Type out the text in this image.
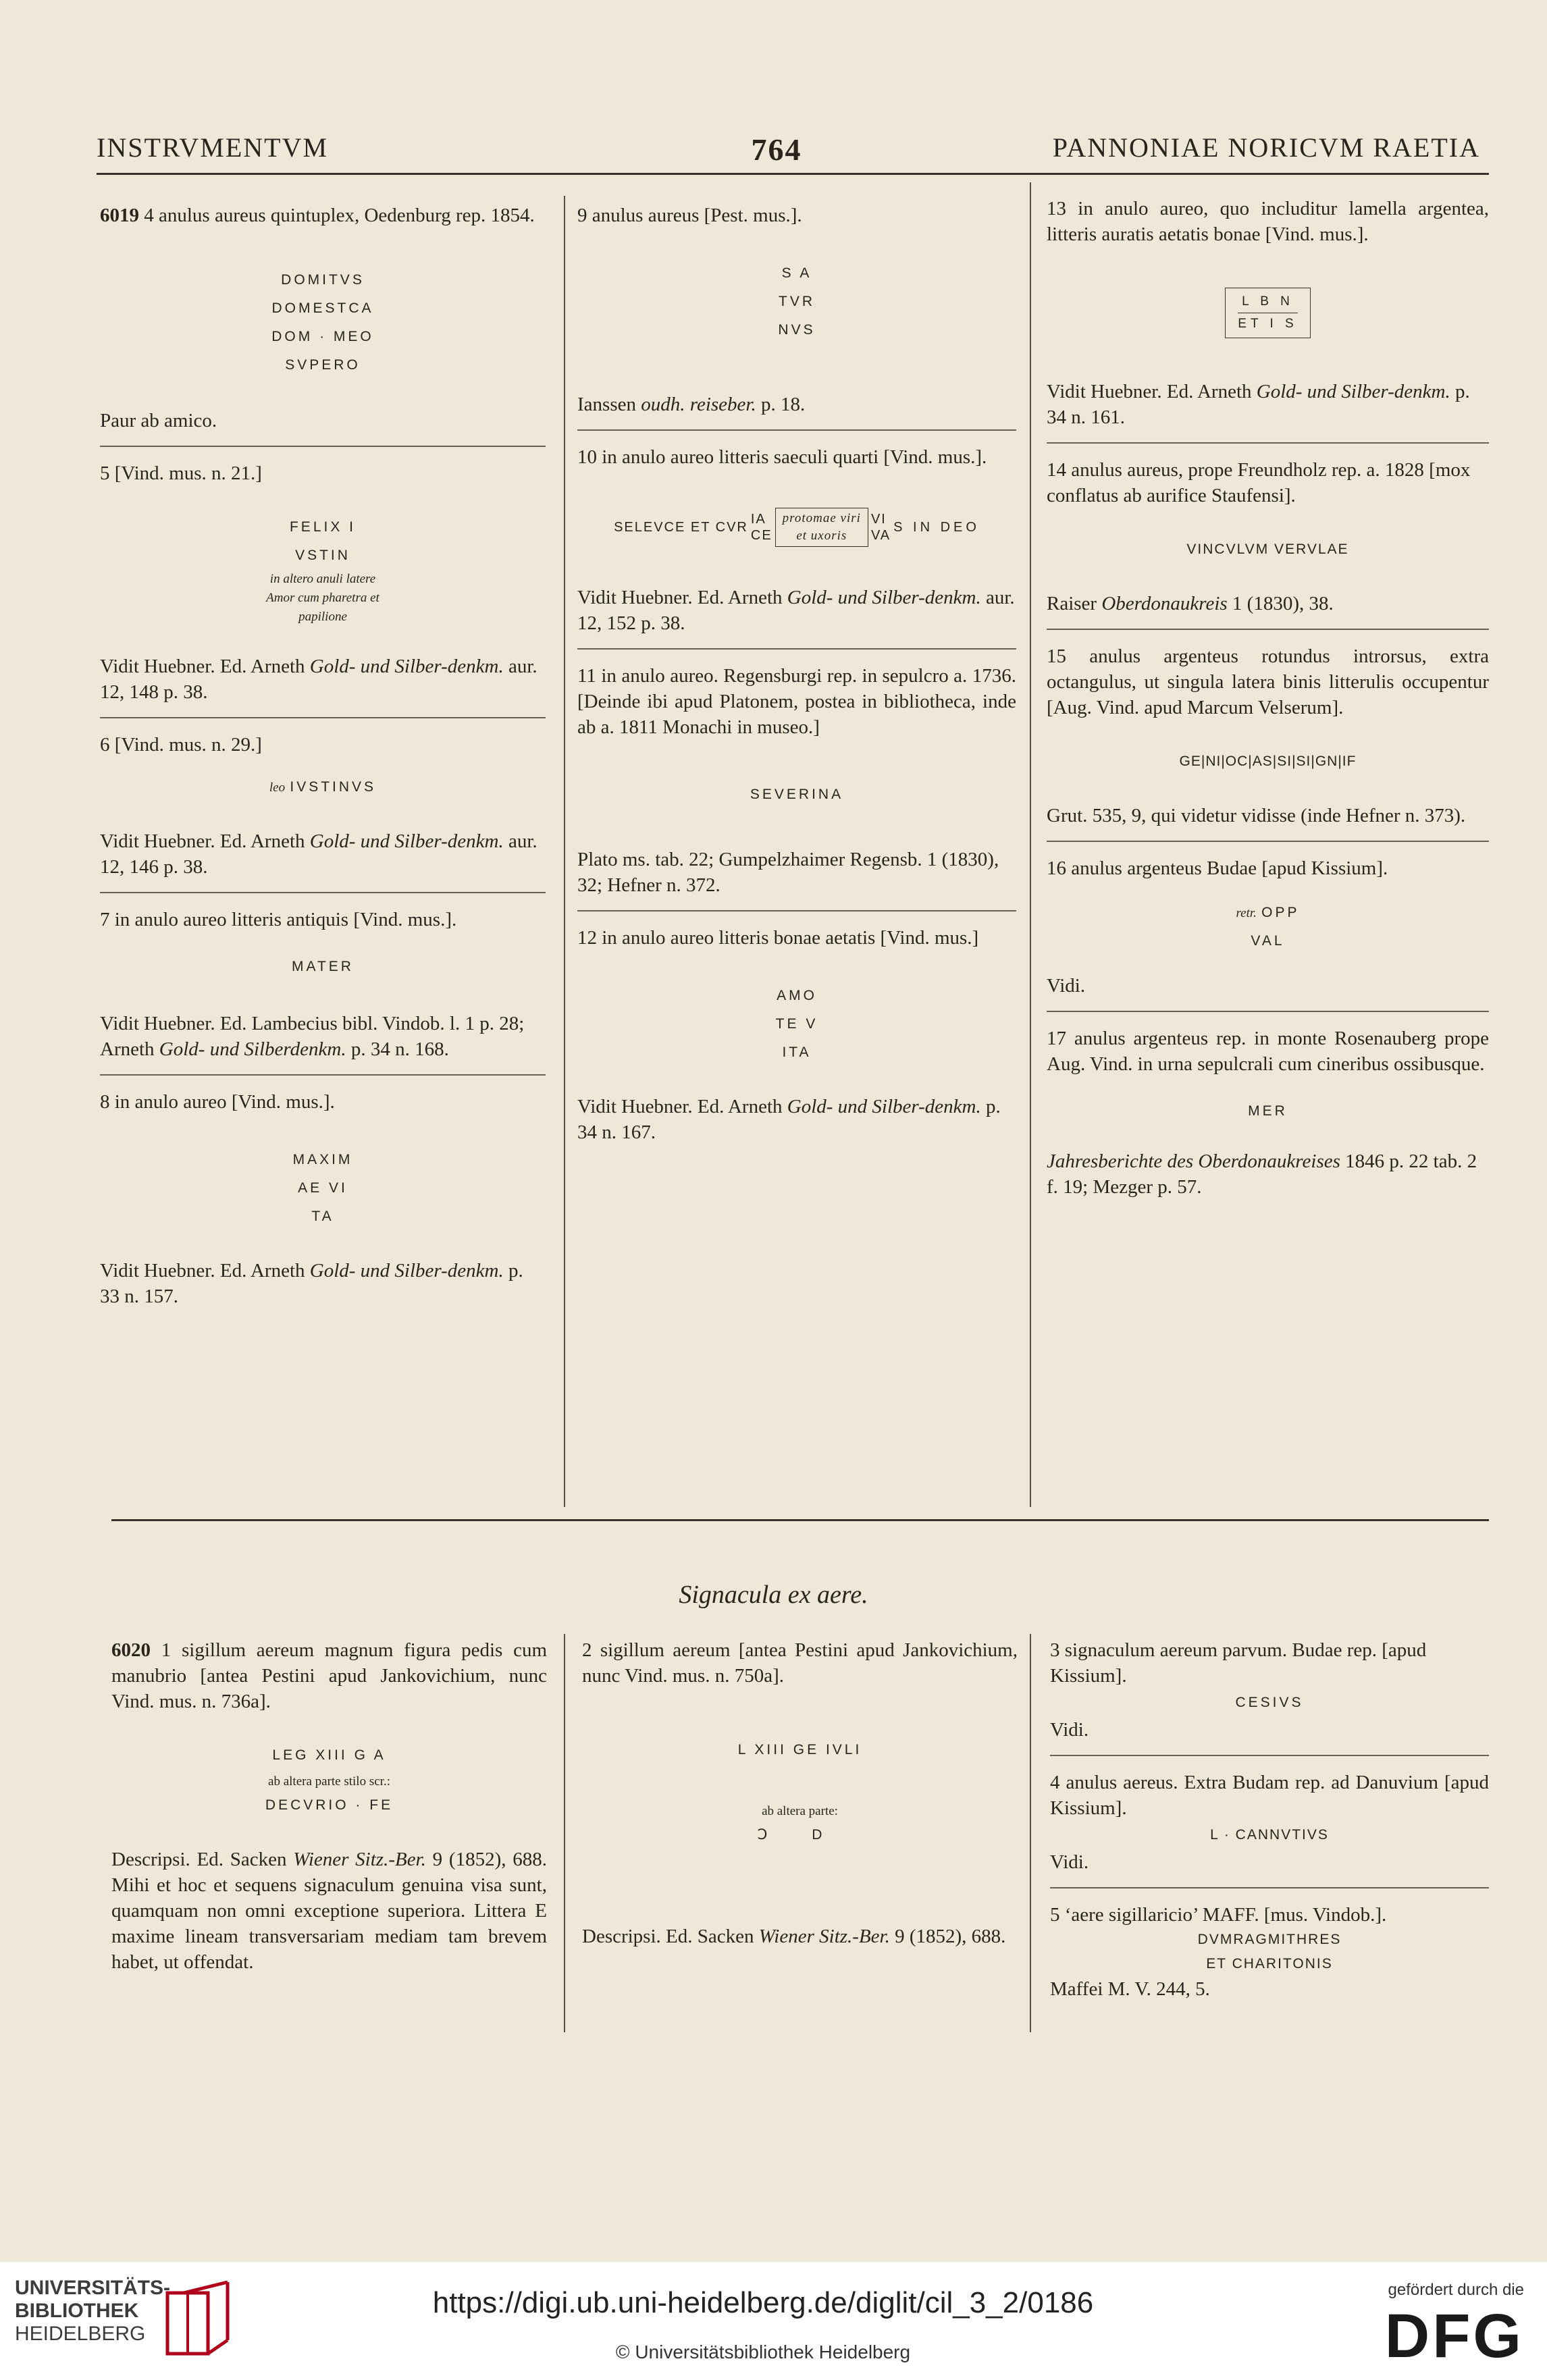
INSTRVMENTVM	764	PANNONIAE NORICVM RAETIA

6019 4 anulus aureus quintuplex, Oedenburg rep. 1854.

DOMITVS
DOMESTCA
DOM · MEO
SVPERO

Paur ab amico.

5 [Vind. mus. n. 21.]

FELIX I
VSTIN
in altero anuli latere
Amor cum pharetra et
papilione

Vidit Huebner. Ed. Arneth Gold- und Silber-denkm. aur. 12, 148 p. 38.

6 [Vind. mus. n. 29.]

leo IVSTINVS

Vidit Huebner. Ed. Arneth Gold- und Silber-denkm. aur. 12, 146 p. 38.

7 in anulo aureo litteris antiquis [Vind. mus.].

MATER

Vidit Huebner. Ed. Lambecius bibl. Vindob. l. 1 p. 28; Arneth Gold- und Silberdenkm. p. 34 n. 168.

8 in anulo aureo [Vind. mus.].

MAXIM
AE VI
TA

Vidit Huebner. Ed. Arneth Gold- und Silber-denkm. p. 33 n. 157.

9 anulus aureus [Pest. mus.].

S A
TVR
NVS

Ianssen oudh. reiseber. p. 18.

10 in anulo aureo litteris saeculi quarti [Vind. mus.].

SELEVCE ET CVR
IA
CE
protomae viri
et uxoris
VI
VA
S IN DEO

Vidit Huebner. Ed. Arneth Gold- und Silber-denkm. aur. 12, 152 p. 38.

11 in anulo aureo. Regensburgi rep. in sepulcro a. 1736. [Deinde ibi apud Platonem, postea in bibliotheca, inde ab a. 1811 Monachi in museo.]

SEVERINA

Plato ms. tab. 22; Gumpelzhaimer Regensb. 1 (1830), 32; Hefner n. 372.

12 in anulo aureo litteris bonae aetatis [Vind. mus.]

AMO
TE V
ITA

Vidit Huebner. Ed. Arneth Gold- und Silber-denkm. p. 34 n. 167.

13 in anulo aureo, quo includitur lamella argentea, litteris auratis aetatis bonae [Vind. mus.].

$\frac{\text{L B N}}{\text{ET I S}}$

Vidit Huebner. Ed. Arneth Gold- und Silber-denkm. p. 34 n. 161.

14 anulus aureus, prope Freundholz rep. a. 1828 [mox conflatus ab aurifice Staufensi].

VINCVLVM VERVLAE

Raiser Oberdonaukreis 1 (1830), 38.

15 anulus argenteus rotundus introrsus, extra octangulus, ut singula latera binis litterulis occupentur [Aug. Vind. apud Marcum Velserum].

GE|NI|OC|AS|SI|SI|GN|IF

Grut. 535, 9, qui videtur vidisse (inde Hefner n. 373).

16 anulus argenteus Budae [apud Kissium].

retr. OPP
VAL

Vidi.

17 anulus argenteus rep. in monte Rosenauberg prope Aug. Vind. in urna sepulcrali cum cineribus ossibusque.

MER

Jahresberichte des Oberdonaukreises 1846 p. 22 tab. 2 f. 19; Mezger p. 57.

Signacula ex aere.

6020 1 sigillum aereum magnum figura pedis cum manubrio [antea Pestini apud Jankovichium, nunc Vind. mus. n. 736a].

LEG XIII G A
ab altera parte stilo scr.:
DECVRIO · FE

Descripsi. Ed. Sacken Wiener Sitz.-Ber. 9 (1852), 688. Mihi et hoc et sequens signaculum genuina visa sunt, quamquam non omni exceptione superiora. Littera E maxime lineam transversariam mediam tam brevem habet, ut offendat.

2 sigillum aereum [antea Pestini apud Jankovichium, nunc Vind. mus. n. 750a].

L XIII GE IVLI
ab altera parte:
Ↄ D

Descripsi. Ed. Sacken Wiener Sitz.-Ber. 9 (1852), 688.

3 signaculum aereum parvum. Budae rep. [apud Kissium].

CESIVS

Vidi.

4 anulus aereus. Extra Budam rep. ad Danuvium [apud Kissium].

L · CANNVTIVS

Vidi.

5 ‘aere sigillaricio’ MAFF. [mus. Vindob.].

DVMRAGMITHRES
ET CHARITONIS

Maffei M. V. 244, 5.

UNIVERSITÄTS-
BIBLIOTHEK
HEIDELBERG
https://digi.ub.uni-heidelberg.de/diglit/cil_3_2/0186
© Universitätsbibliothek Heidelberg
gefördert durch die
DFG
